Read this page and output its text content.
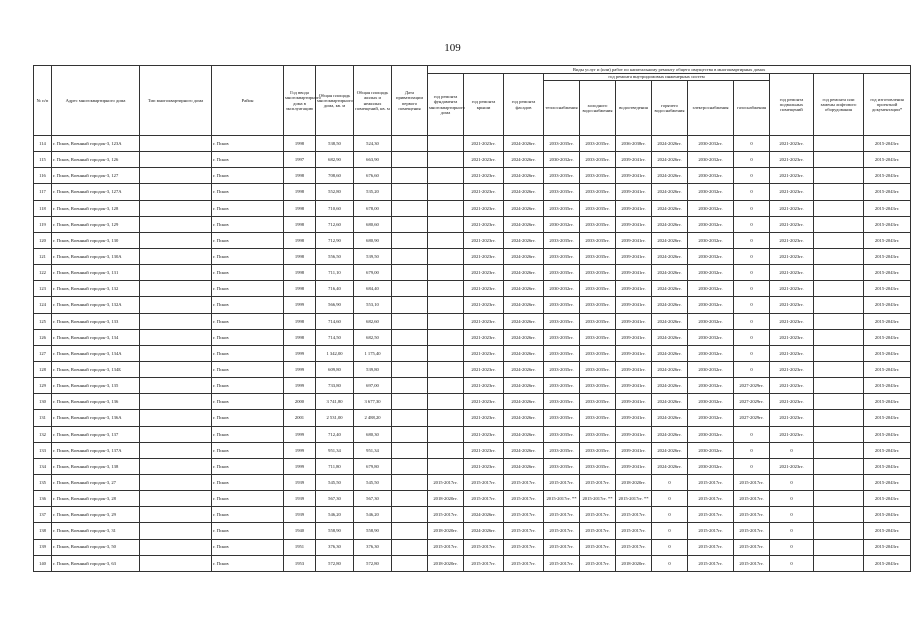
109
№ п/п	Адрес многоквартирного дома	Тип многоквартирного дома	Район	Год ввода многоквартирного дома в эксплуатацию	Общая площадь многоквартирного дома, кв. м	Общая площадь жилых и нежилых помещений, кв. м	Дата приватизации первого помещения	Виды услуг и (или) работ по капитальному ремонту общего имущества в многоквартирных домах											
								год ремонта фундамента многоквартирного дома	год ремонта крыши	год ремонта фасадов	год ремонта внутридомовых инженерных систем						год ремонта подвальных помещений	год ремонта или замены лифтового оборудования	год изготовления проектной документации*
											теплоснабжения	холодного водоснабжения	водоотведения	горячего водоснабжения	электроснабжения	газоснабжения			
114	г. Псков, Военный городок-3, 123А		г. Псков	1998	538,50	524,30			2021-2023гг.	2024-2026гг.	2033-2035гг.	2033-2035гг.	2036-2038гг.	2024-2026гг.	2030-2032гг.	0	2021-2023гг.		2015-2043гг.
115	г. Псков, Военный городок-3, 126		г. Псков	1997	682,90	663,90			2021-2023гг.	2024-2026гг.	2030-2032гг.	2033-2035гг.	2039-2041гг.	2024-2026гг.	2030-2032гг.	0	2021-2023гг.		2015-2043гг.
116	г. Псков, Военный городок-3, 127		г. Псков	1998	708,60	676,60			2021-2023гг.	2024-2026гг.	2033-2035гг.	2033-2035гг.	2039-2041гг.	2024-2026гг.	2030-2032гг.	0	2021-2023гг.		2015-2043гг.
117	г. Псков, Военный городок-3, 127А		г. Псков	1998	552,80	535,20			2021-2023гг.	2024-2026гг.	2033-2035гг.	2033-2035гг.	2039-2041гг.	2024-2026гг.	2030-2032гг.	0	2021-2023гг.		2015-2043гг.
118	г. Псков, Военный городок-3, 128		г. Псков	1998	710,60	678,00			2021-2023гг.	2024-2026гг.	2033-2035гг.	2033-2035гг.	2039-2041гг.	2024-2026гг.	2030-2032гг.	0	2021-2023гг.		2015-2043гг.
119	г. Псков, Военный городок-3, 129		г. Псков	1998	712,60	680,60			2021-2023гг.	2024-2026гг.	2030-2032гг.	2033-2035гг.	2039-2041гг.	2024-2026гг.	2030-2032гг.	0	2021-2023гг.		2015-2043гг.
120	г. Псков, Военный городок-3, 130		г. Псков	1998	712,90	680,90			2021-2023гг.	2024-2026гг.	2033-2035гг.	2033-2035гг.	2039-2041гг.	2024-2026гг.	2030-2032гг.	0	2021-2023гг.		2015-2043гг.
121	г. Псков, Военный городок-3, 130А		г. Псков	1998	556,50	539,50			2021-2023гг.	2024-2026гг.	2033-2035гг.	2033-2035гг.	2039-2041гг.	2024-2026гг.	2030-2032гг.	0	2021-2023гг.		2015-2043гг.
122	г. Псков, Военный городок-3, 131		г. Псков	1998	711,10	679,00			2021-2023гг.	2024-2026гг.	2033-2035гг.	2033-2035гг.	2039-2041гг.	2024-2026гг.	2030-2032гг.	0	2021-2023гг.		2015-2043гг.
123	г. Псков, Военный городок-3, 132		г. Псков	1998	716,40	684,40			2021-2023гг.	2024-2026гг.	2030-2032гг.	2033-2035гг.	2039-2041гг.	2024-2026гг.	2030-2032гг.	0	2021-2023гг.		2015-2043гг.
124	г. Псков, Военный городок-3, 132А		г. Псков	1999	566,90	553,10			2021-2023гг.	2024-2026гг.	2033-2035гг.	2033-2035гг.	2039-2041гг.	2024-2026гг.	2030-2032гг.	0	2021-2023гг.		2015-2043гг.
125	г. Псков, Военный городок-3, 133		г. Псков	1998	714,60	682,60			2021-2023гг.	2024-2026гг.	2033-2035гг.	2033-2035гг.	2039-2041гг.	2024-2026гг.	2030-2032гг.	0	2021-2023гг.		2015-2043гг.
126	г. Псков, Военный городок-3, 134		г. Псков	1998	714,50	682,50			2021-2023гг.	2024-2026гг.	2033-2035гг.	2033-2035гг.	2039-2041гг.	2024-2026гг.	2030-2032гг.	0	2021-2023гг.		2015-2043гг.
127	г. Псков, Военный городок-3, 134А		г. Псков	1999	1 342,00	1 175,40			2021-2023гг.	2024-2026гг.	2033-2035гг.	2033-2035гг.	2039-2041гг.	2024-2026гг.	2030-2032гг.	0	2021-2023гг.		2015-2043гг.
128	г. Псков, Военный городок-3, 134Б		г. Псков	1999	609,80	539,80			2021-2023гг.	2024-2026гг.	2033-2035гг.	2033-2035гг.	2039-2041гг.	2024-2026гг.	2030-2032гг.	0	2021-2023гг.		2015-2043гг.
129	г. Псков, Военный городок-3, 135		г. Псков	1999	733,80	697,00			2021-2023гг.	2024-2026гг.	2033-2035гг.	2033-2035гг.	2039-2041гг.	2024-2026гг.	2030-2032гг.	2027-2029гг.	2021-2023гг.		2015-2043гг.
130	г. Псков, Военный городок-3, 136		г. Псков	2000	3 741,80	3 677,30			2021-2023гг.	2024-2026гг.	2033-2035гг.	2033-2035гг.	2039-2041гг.	2024-2026гг.	2030-2032гг.	2027-2029гг.	2021-2023гг.		2015-2043гг.
131	г. Псков, Военный городок-3, 136А		г. Псков	2001	2 531,00	2 488,20			2021-2023гг.	2024-2026гг.	2033-2035гг.	2033-2035гг.	2039-2041гг.	2024-2026гг.	2030-2032гг.	2027-2029гг.	2021-2023гг.		2015-2043гг.
132	г. Псков, Военный городок-3, 137		г. Псков	1999	712,40	680,30			2021-2023гг.	2024-2026гг.	2033-2035гг.	2033-2035гг.	2039-2041гг.	2024-2026гг.	2030-2032гг.	0	2021-2023гг.		2015-2043гг.
133	г. Псков, Военный городок-3, 137А		г. Псков	1999	951,34	951,34			2021-2023гг.	2024-2026гг.	2033-2035гг.	2033-2035гг.	2039-2041гг.	2024-2026гг.	2030-2032гг.	0	0		2015-2043гг.
134	г. Псков, Военный городок-3, 138		г. Псков	1999	711,80	679,80			2021-2023гг.	2024-2026гг.	2033-2035гг.	2033-2035гг.	2039-2041гг.	2024-2026гг.	2030-2032гг.	0	2021-2023гг.		2015-2043гг.
135	г. Псков, Военный городок-3, 27		г. Псков	1939	545,50	545,50		2015-2017гг.	2015-2017гг.	2015-2017гг.	2015-2017гг.	2015-2017гг.	2018-2020гг.	0	2015-2017гг.	2015-2017гг.	0		2015-2043гг.
136	г. Псков, Военный городок-3, 28		г. Псков	1939	567,30	567,30		2018-2020гг.	2015-2017гг.	2015-2017гг.	2015-2017гг. **	2015-2017гг. **	2015-2017гг. **	0	2015-2017гг.	2015-2017гг.	0		2015-2043гг.
137	г. Псков, Военный городок-3, 29		г. Псков	1939	546,20	546,20		2015-2017гг.	2024-2026гг.	2015-2017гг.	2015-2017гг.	2015-2017гг.	2015-2017гг.	0	2015-2017гг.	2015-2017гг.	0		2015-2043гг.
138	г. Псков, Военный городок-3, 31		г. Псков	1940	558,90	558,90		2018-2020гг.	2024-2026гг.	2015-2017гг.	2015-2017гг.	2015-2017гг.	2015-2017гг.	0	2015-2017гг.	2015-2017гг.	0		2015-2043гг.
139	г. Псков, Военный городок-3, 50		г. Псков	1951	376,30	376,30		2015-2017гг.	2015-2017гг.	2015-2017гг.	2015-2017гг.	2015-2017гг.	2015-2017гг.	0	2015-2017гг.	2015-2017гг.	0		2015-2043гг.
140	г. Псков, Военный городок-3, 63		г. Псков	1953	572,80	572,80		2018-2020гг.	2015-2017гг.	2015-2017гг.	2015-2017гг.	2015-2017гг.	2018-2020гг.	0	2015-2017гг.	2015-2017гг.	0		2015-2043гг.
